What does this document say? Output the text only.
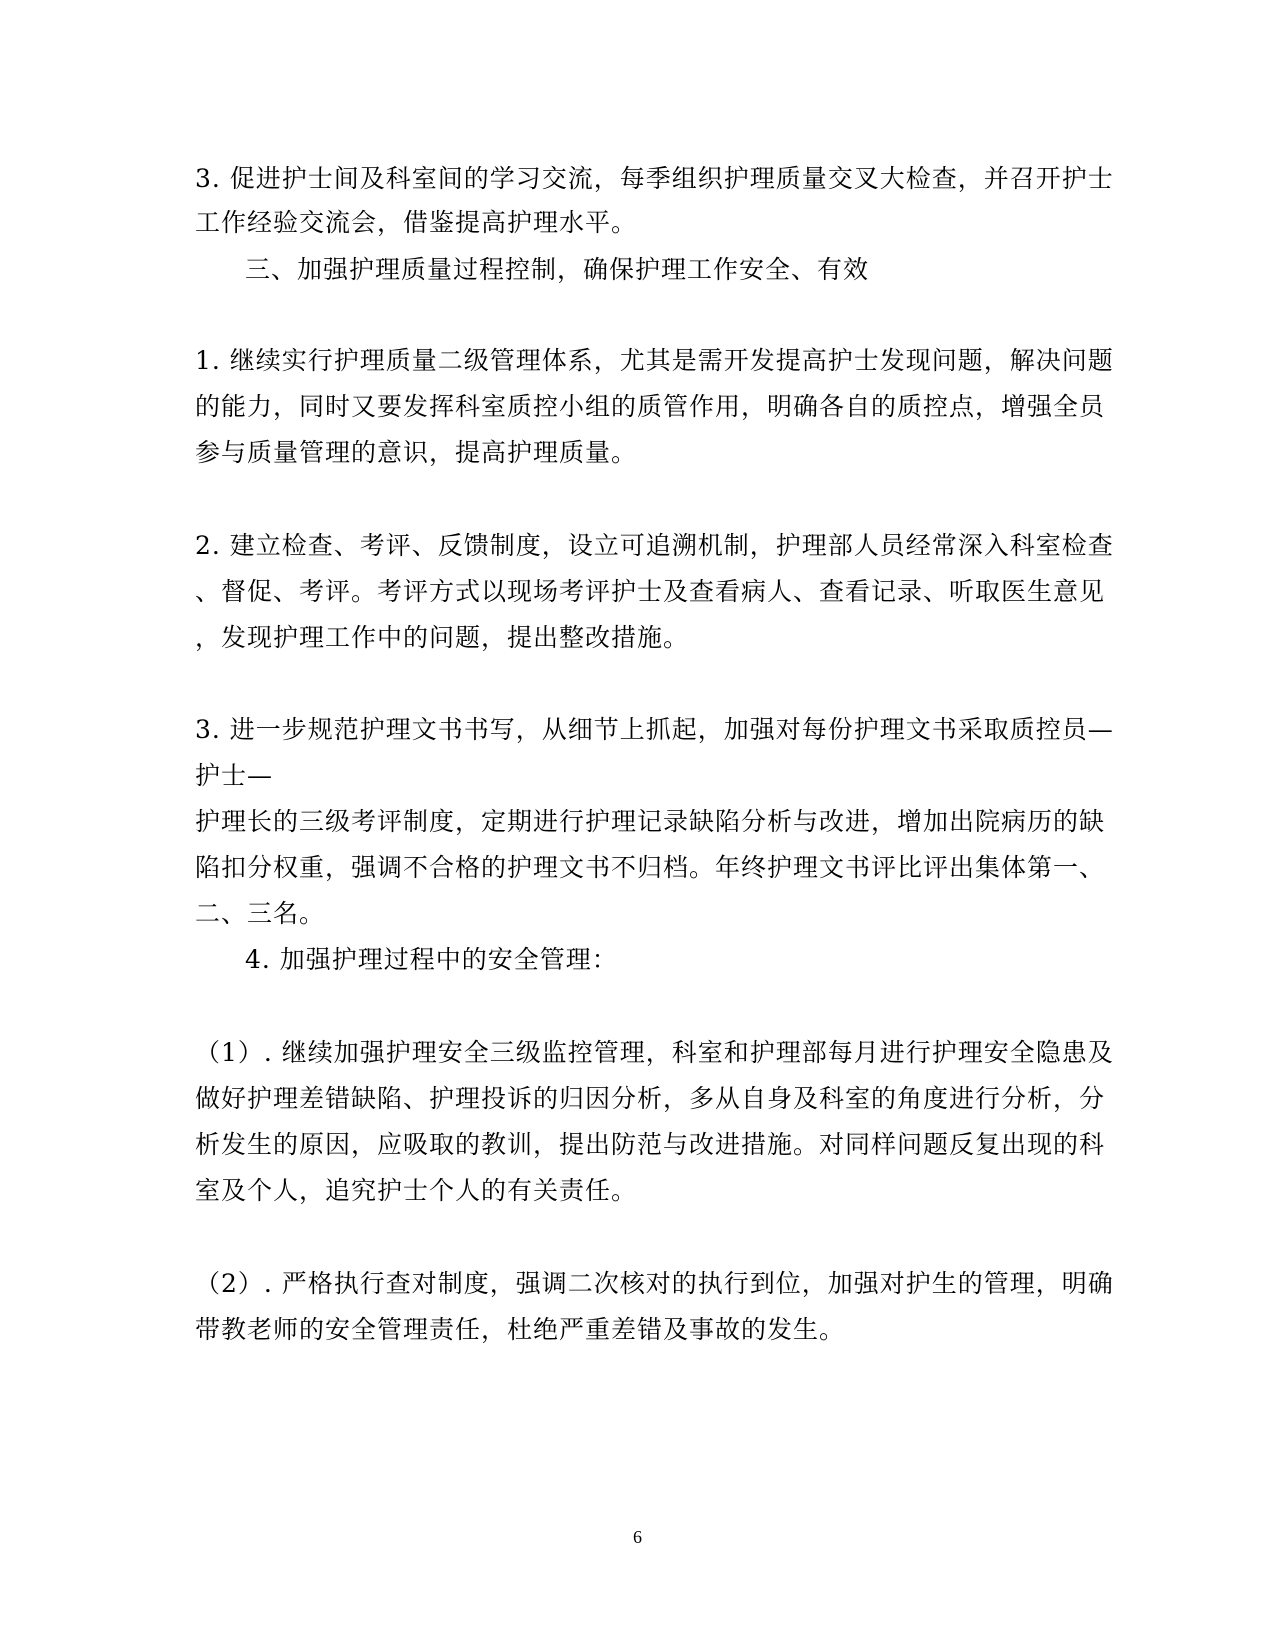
3. 促进护士间及科室间的学习交流，每季组织护理质量交叉大检查，并召开护士
工作经验交流会，借鉴提高护理水平。
三、加强护理质量过程控制，确保护理工作安全、有效
1. 继续实行护理质量二级管理体系，尤其是需开发提高护士发现问题，解决问题
的能力，同时又要发挥科室质控小组的质管作用，明确各自的质控点，增强全员
参与质量管理的意识，提高护理质量。
2. 建立检查、考评、反馈制度，设立可追溯机制，护理部人员经常深入科室检查
、督促、考评。考评方式以现场考评护士及查看病人、查看记录、听取医生意见
，发现护理工作中的问题，提出整改措施。
3. 进一步规范护理文书书写，从细节上抓起，加强对每份护理文书采取质控员—
护士—
护理长的三级考评制度，定期进行护理记录缺陷分析与改进，增加出院病历的缺
陷扣分权重，强调不合格的护理文书不归档。年终护理文书评比评出集体第一、
二、三名。
4. 加强护理过程中的安全管理：
（1）. 继续加强护理安全三级监控管理，科室和护理部每月进行护理安全隐患及
做好护理差错缺陷、护理投诉的归因分析，多从自身及科室的角度进行分析，分
析发生的原因，应吸取的教训，提出防范与改进措施。对同样问题反复出现的科
室及个人，追究护士个人的有关责任。
（2）. 严格执行查对制度，强调二次核对的执行到位，加强对护生的管理，明确
带教老师的安全管理责任，杜绝严重差错及事故的发生。
6
